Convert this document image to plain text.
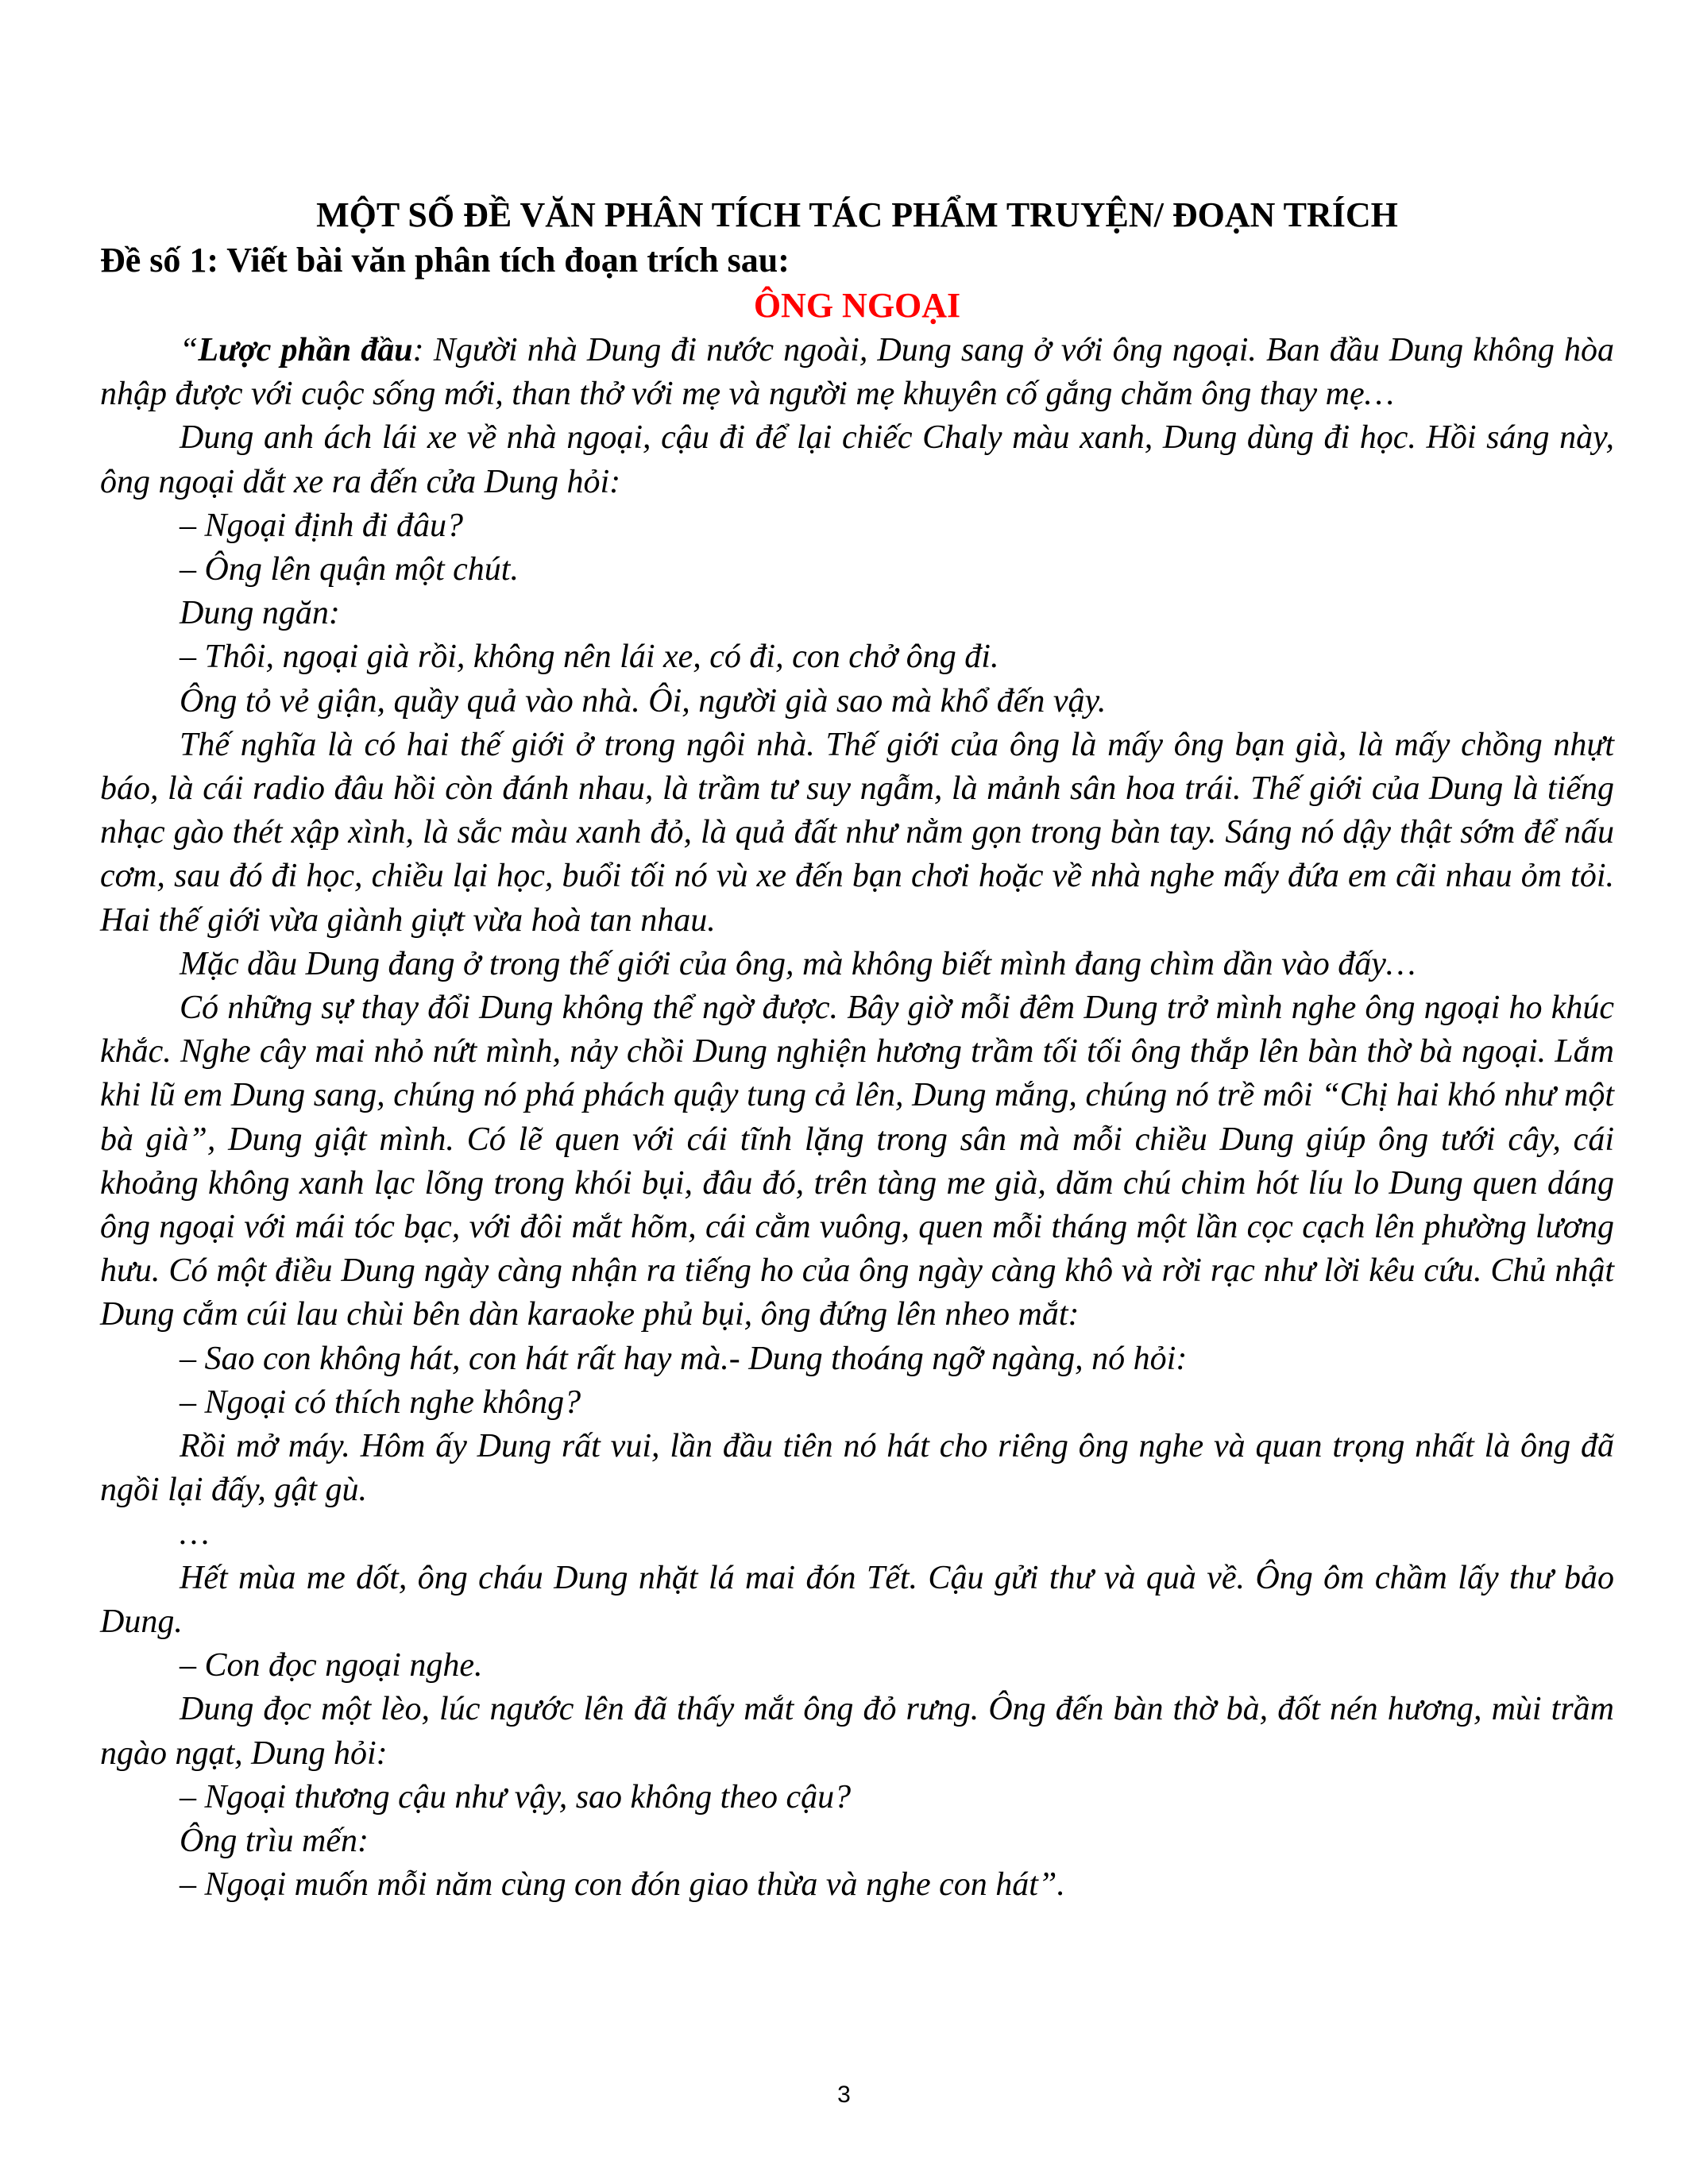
MỘT SỐ ĐỀ VĂN PHÂN TÍCH TÁC PHẨM TRUYỆN/ ĐOẠN TRÍCH

Đề số 1: Viết bài văn phân tích đoạn trích sau:

ÔNG NGOẠI

“Lược phần đầu: Người nhà Dung đi nước ngoài, Dung sang ở với ông ngoại. Ban đầu Dung không hòa nhập được với cuộc sống mới, than thở với mẹ và người mẹ khuyên cố gắng chăm ông thay mẹ…

Dung anh ách lái xe về nhà ngoại, cậu đi để lại chiếc Chaly màu xanh, Dung dùng đi học. Hồi sáng này, ông ngoại dắt xe ra đến cửa Dung hỏi:

– Ngoại định đi đâu?

– Ông lên quận một chút.

Dung ngăn:

– Thôi, ngoại già rồi, không nên lái xe, có đi, con chở ông đi.

Ông tỏ vẻ giận, quầy quả vào nhà. Ôi, người già sao mà khổ đến vậy.

Thế nghĩa là có hai thế giới ở trong ngôi nhà. Thế giới của ông là mấy ông bạn già, là mấy chồng nhựt báo, là cái radio đâu hồi còn đánh nhau, là trầm tư suy ngẫm, là mảnh sân hoa trái. Thế giới của Dung là tiếng nhạc gào thét xập xình, là sắc màu xanh đỏ, là quả đất như nằm gọn trong bàn tay. Sáng nó dậy thật sớm để nấu cơm, sau đó đi học, chiều lại học, buổi tối nó vù xe đến bạn chơi hoặc về nhà nghe mấy đứa em cãi nhau ỏm tỏi. Hai thế giới vừa giành giựt vừa hoà tan nhau.

Mặc dầu Dung đang ở trong thế giới của ông, mà không biết mình đang chìm dần vào đấy…

Có những sự thay đổi Dung không thể ngờ được. Bây giờ mỗi đêm Dung trở mình nghe ông ngoại ho khúc khắc. Nghe cây mai nhỏ nứt mình, nảy chồi Dung nghiện hương trầm tối tối ông thắp lên bàn thờ bà ngoại. Lắm khi lũ em Dung sang, chúng nó phá phách quậy tung cả lên, Dung mắng, chúng nó trề môi “Chị hai khó như một bà già”, Dung giật mình. Có lẽ quen với cái tĩnh lặng trong sân mà mỗi chiều Dung giúp ông tưới cây, cái khoảng không xanh lạc lõng trong khói bụi, đâu đó, trên tàng me già, dăm chú chim hót líu lo Dung quen dáng ông ngoại với mái tóc bạc, với đôi mắt hõm, cái cằm vuông, quen mỗi tháng một lần cọc cạch lên phường lương hưu. Có một điều Dung ngày càng nhận ra tiếng ho của ông ngày càng khô và rời rạc như lời kêu cứu. Chủ nhật Dung cắm cúi lau chùi bên dàn karaoke phủ bụi, ông đứng lên nheo mắt:

– Sao con không hát, con hát rất hay mà.- Dung thoáng ngỡ ngàng, nó hỏi:

– Ngoại có thích nghe không?

Rồi mở máy. Hôm ấy Dung rất vui, lần đầu tiên nó hát cho riêng ông nghe và quan trọng nhất là ông đã ngồi lại đấy, gật gù.

…

Hết mùa me dốt, ông cháu Dung nhặt lá mai đón Tết. Cậu gửi thư và quà về. Ông ôm chầm lấy thư bảo Dung.

– Con đọc ngoại nghe.

Dung đọc một lèo, lúc ngước lên đã thấy mắt ông đỏ rưng. Ông đến bàn thờ bà, đốt nén hương, mùi trầm ngào ngạt, Dung hỏi:

– Ngoại thương cậu như vậy, sao không theo cậu?

Ông trìu mến:

– Ngoại muốn mỗi năm cùng con đón giao thừa và nghe con hát”.

3
